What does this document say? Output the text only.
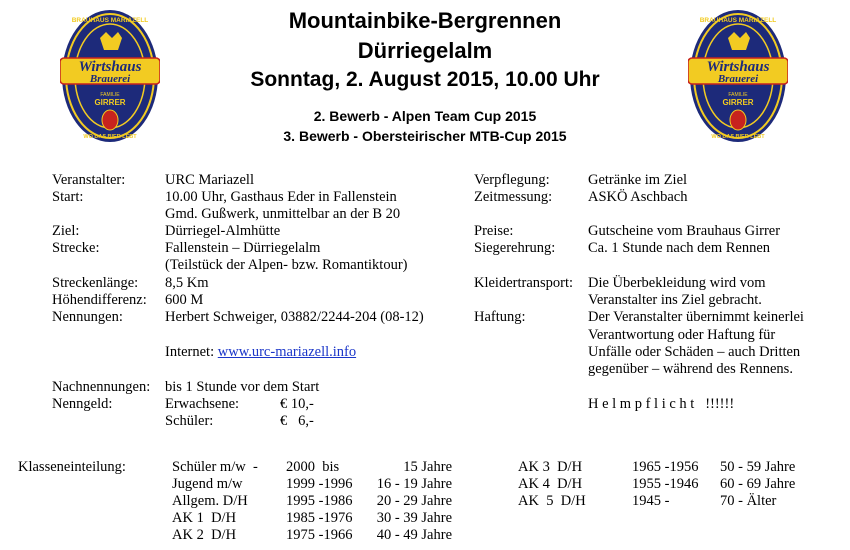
BRAUHAUS MARIAZELL
Wirtshaus
Brauerei
FAMILIE
GIRRER
WO DAS BIER LEBT
BRAUHAUS MARIAZELL
Wirtshaus
Brauerei
FAMILIE
GIRRER
WO DAS BIER LEBT
Mountainbike-Bergrennen
Dürriegelalm
Sonntag, 2. August 2015, 10.00 Uhr
2. Bewerb - Alpen Team Cup 2015
3. Bewerb - Obersteirischer MTB-Cup 2015
Veranstalter:	URC Mariazell
Start:	10.00 Uhr, Gasthaus Eder in Fallenstein
Gmd. Gußwerk, unmittelbar an der B 20
Ziel:	Dürriegel-Almhütte
Strecke:	Fallenstein – Dürriegelalm
(Teilstück der Alpen- bzw. Romantiktour)
Streckenlänge: 8,5 Km
Höhendifferenz: 600 M
Nennungen:	Herbert Schweiger, 03882/2244-204 (08-12)
Internet: www.urc-mariazell.info
Nachnennungen: bis 1 Stunde vor dem Start
Nenngeld:	Erwachsene:	€ 10,-
Schüler:	€   6,-
Verpflegung:	Getränke im Ziel
Zeitmessung: ASKÖ Aschbach
Preise:	Gutscheine vom Brauhaus Girrer
Siegerehrung: Ca. 1 Stunde nach dem Rennen
Kleidertransport: Die Überbekleidung wird vom
Veranstalter ins Ziel gebracht.
Haftung:	Der Veranstalter übernimmt keinerlei
Verantwortung oder Haftung für
Unfälle oder Schäden – auch Dritten
gegenüber – während des Rennens.
H e l m p f l i c h t   !!!!!!
Klasseneinteilung:	Schüler m/w  - 2000  bis	15 Jahre
Jugend m/w	1999 -1996	16 - 19 Jahre
Allgem. D/H	1995 -1986	20 - 29 Jahre
AK 1  D/H	1985 -1976	30 - 39 Jahre
AK 2  D/H	1975 -1966	40 - 49 Jahre
AK 3  D/H	1965 -1956 50 - 59 Jahre
AK 4  D/H	1955 -1946 60 - 69 Jahre
AK  5  D/H	1945 -	70 - Älter
